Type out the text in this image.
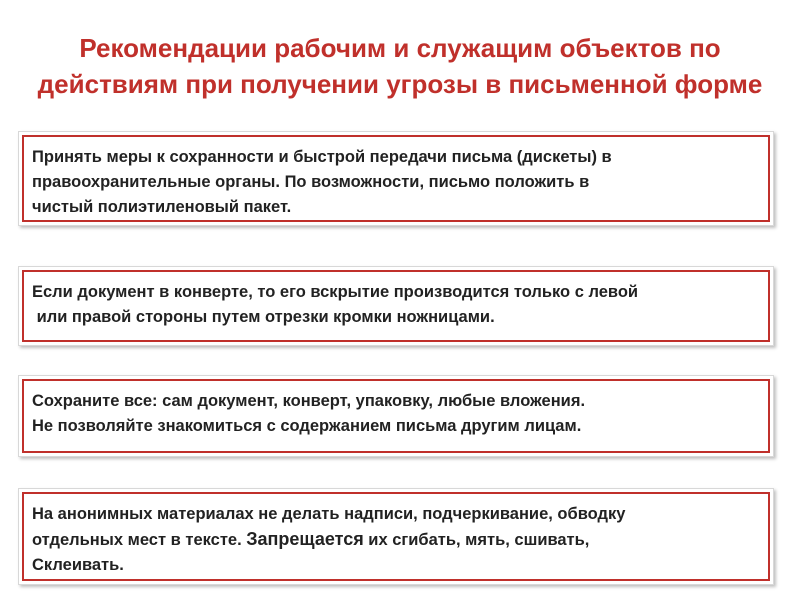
Рекомендации рабочим и служащим объектов по
действиям при получении угрозы в письменной форме
Принять меры к сохранности и быстрой передачи письма (дискеты) в
правоохранительные органы. По возможности, письмо положить в
чистый полиэтиленовый пакет.
Если документ в конверте, то его вскрытие производится только с левой
или правой стороны путем отрезки кромки ножницами.
Сохраните все: сам документ, конверт, упаковку, любые вложения.
Не позволяйте знакомиться с содержанием письма другим лицам.
На анонимных материалах не делать надписи, подчеркивание, обводку
отдельных мест в тексте. Запрещается их сгибать, мять, сшивать,
Склеивать.
